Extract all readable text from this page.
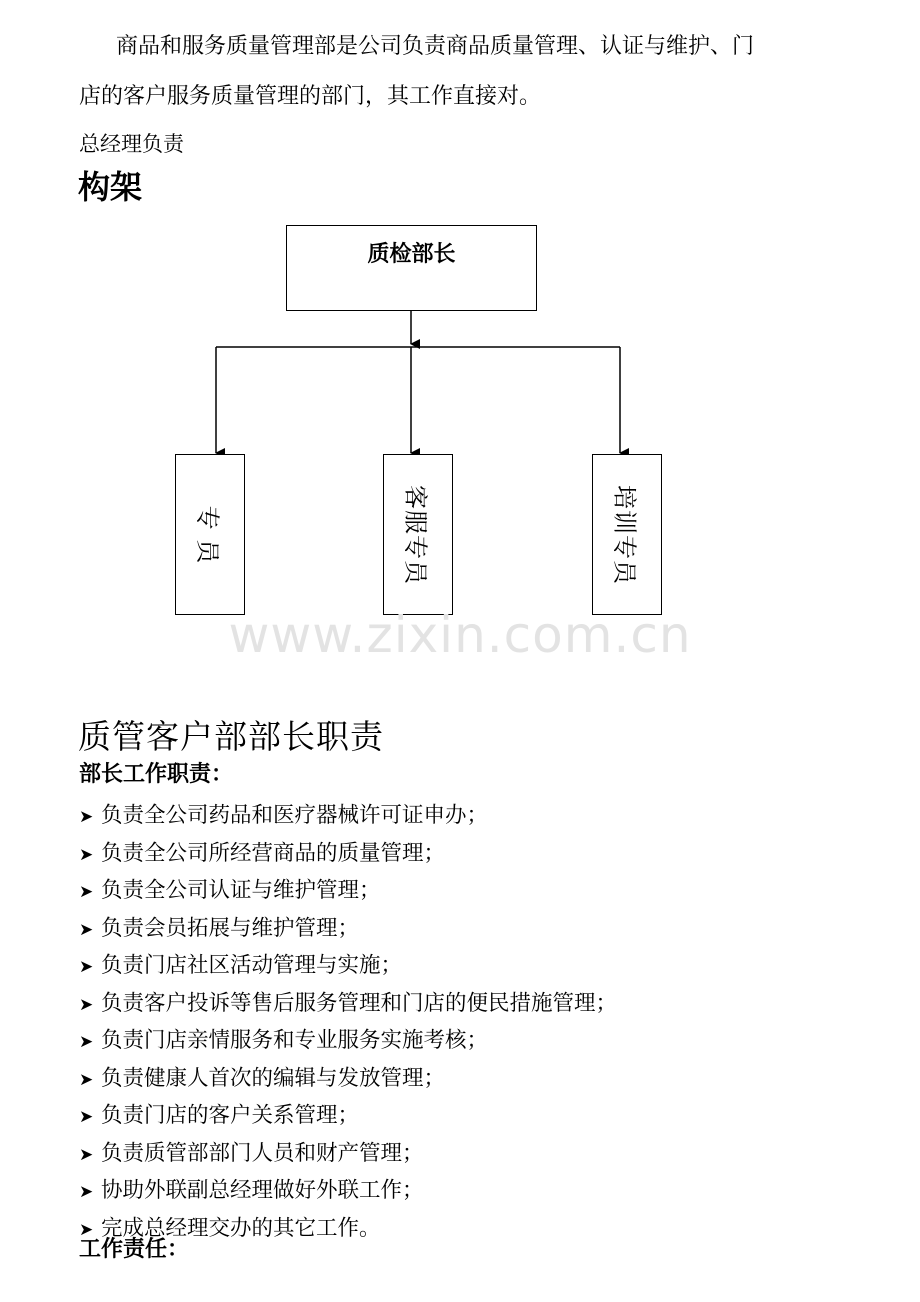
商品和服务质量管理部是公司负责商品质量管理、认证与维护、门
店的客户服务质量管理的部门，其工作直接对。
总经理负责
构架
质检部长
专 员	客服专员	培训专员
www.zixin.com.cn
质管客户部部长职责
部长工作职责：
➤ 负责全公司药品和医疗器械许可证申办；
➤ 负责全公司所经营商品的质量管理；
➤ 负责全公司认证与维护管理；
➤ 负责会员拓展与维护管理；
➤ 负责门店社区活动管理与实施；
➤ 负责客户投诉等售后服务管理和门店的便民措施管理；
➤ 负责门店亲情服务和专业服务实施考核；
➤ 负责健康人首次的编辑与发放管理；
➤ 负责门店的客户关系管理；
➤ 负责质管部部门人员和财产管理；
➤ 协助外联副总经理做好外联工作；
➤ 完成总经理交办的其它工作。
工作责任：
